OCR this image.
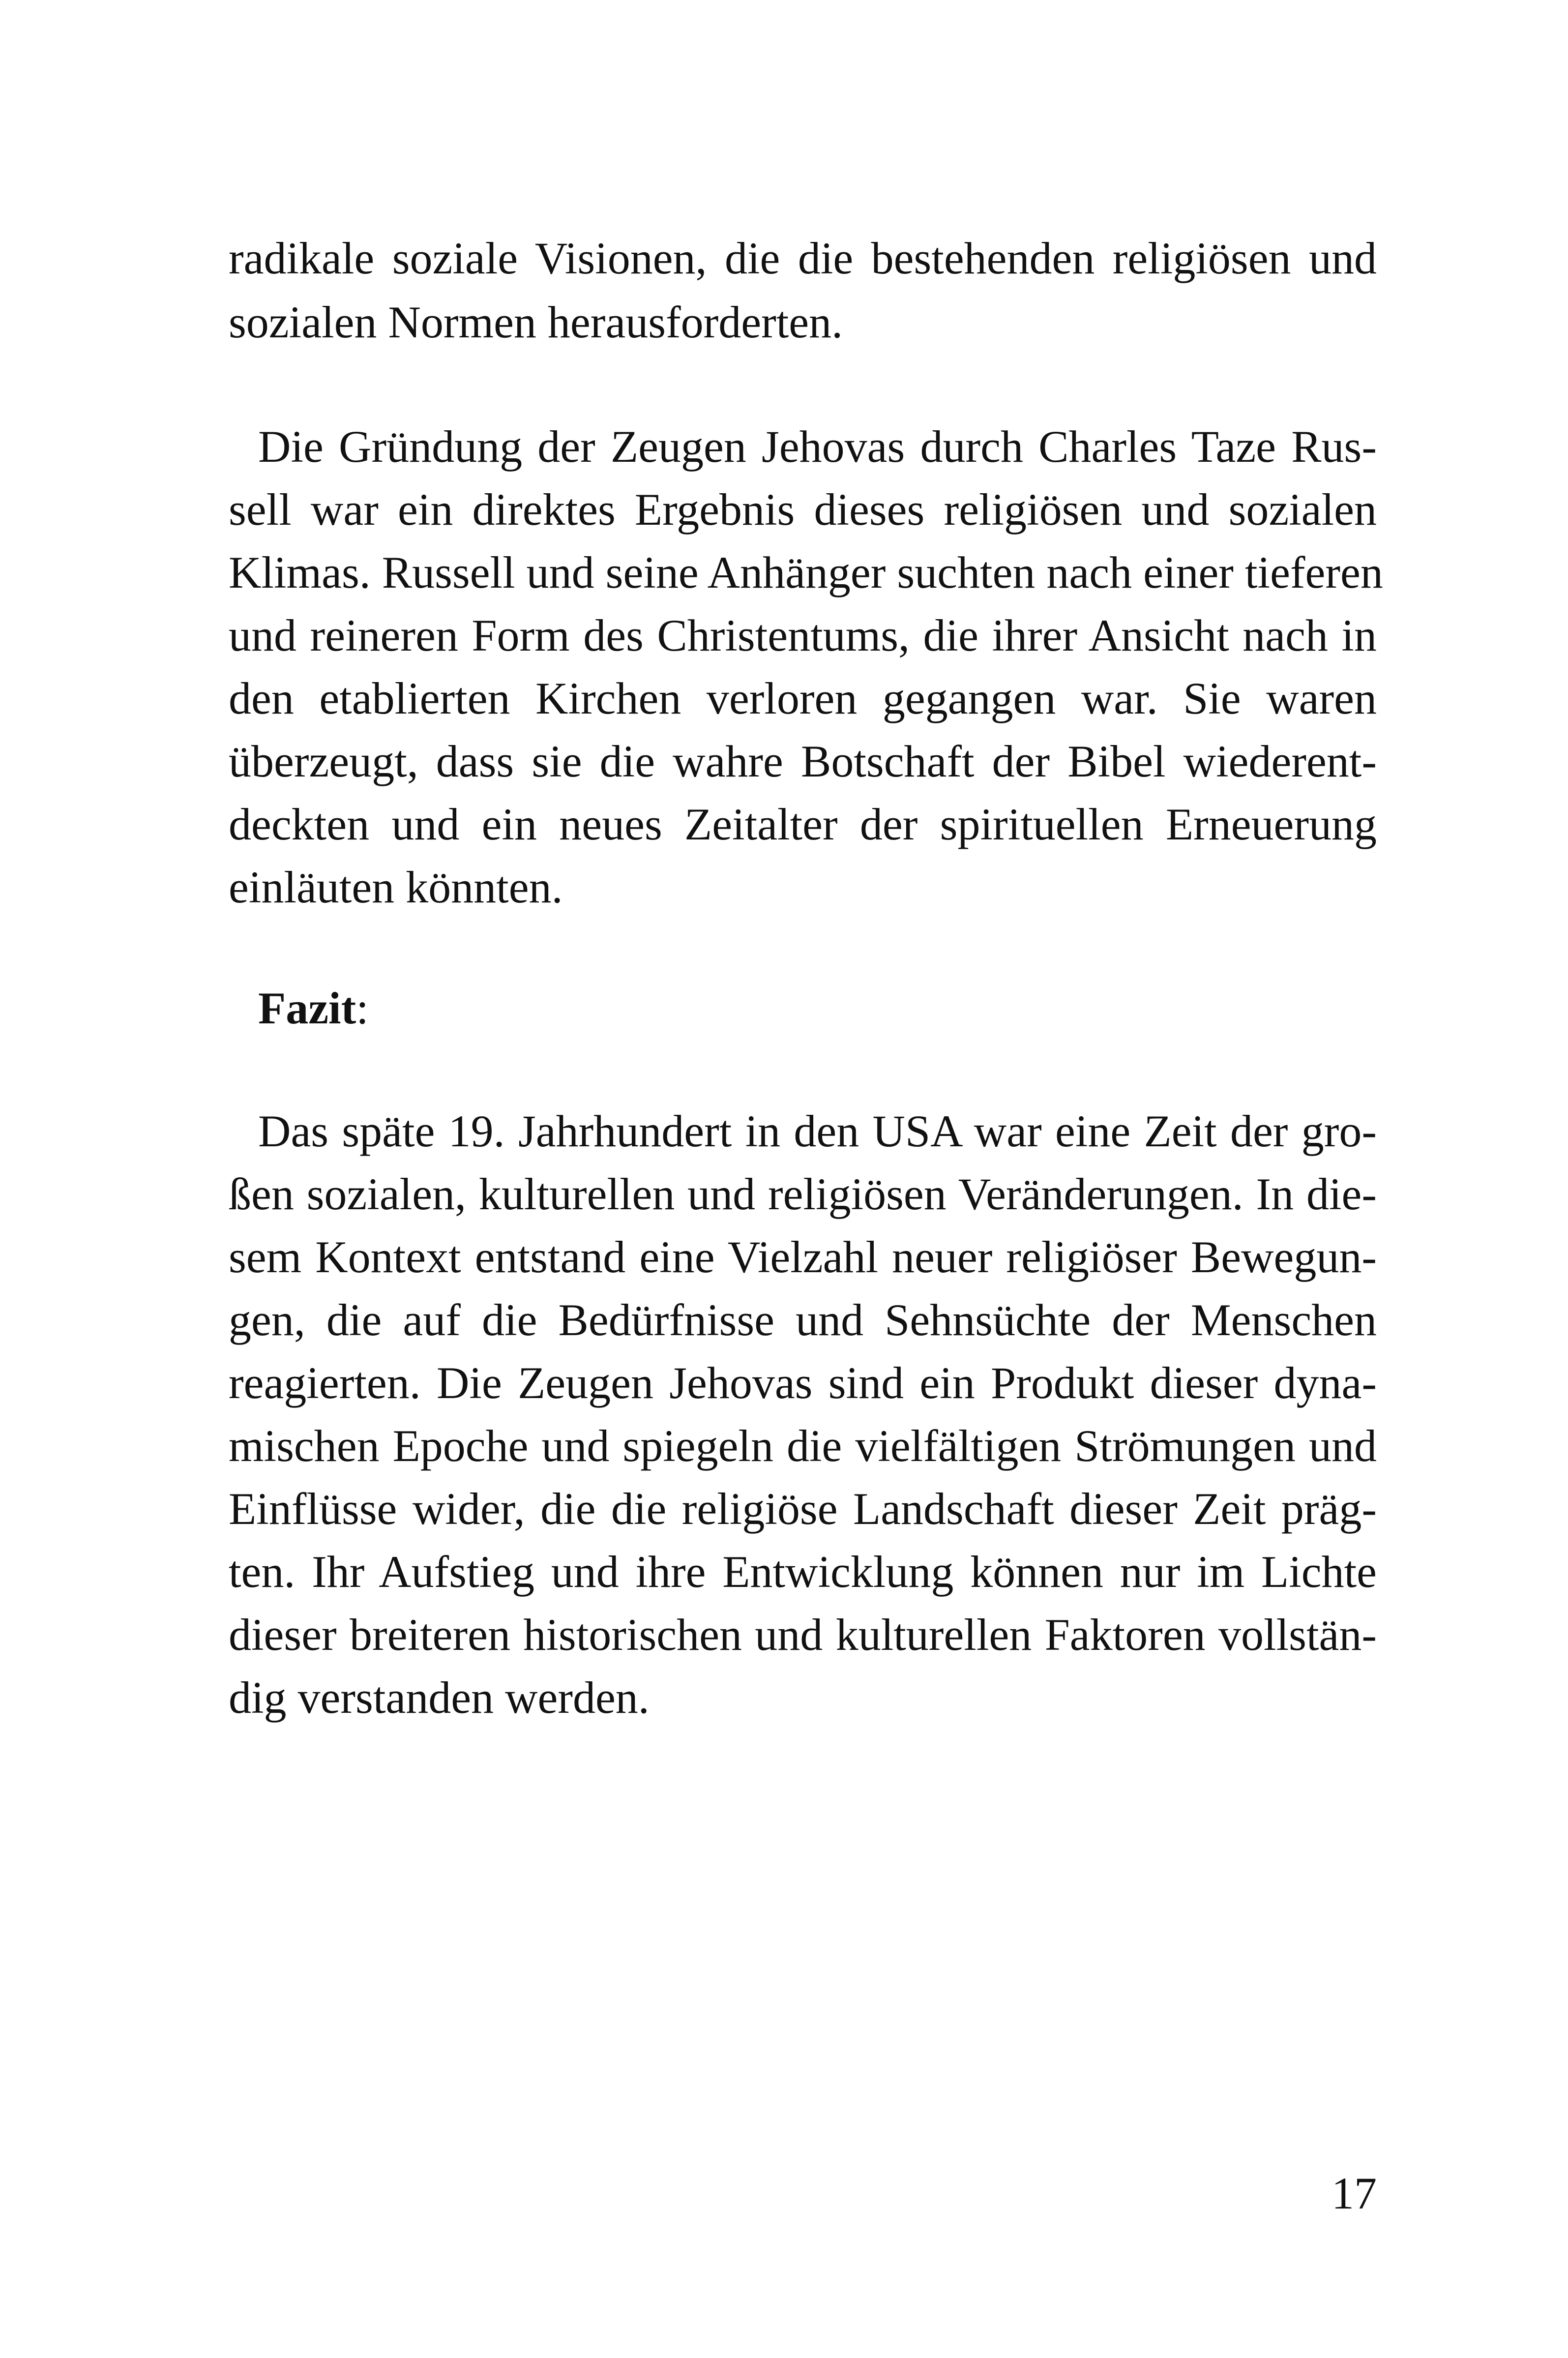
radikale soziale Visionen, die die bestehenden religiösen und
sozialen Normen herausforderten.
Die Gründung der Zeugen Jehovas durch Charles Taze Rus-
sell war ein direktes Ergebnis dieses religiösen und sozialen
Klimas. Russell und seine Anhänger suchten nach einer tieferen
und reineren Form des Christentums, die ihrer Ansicht nach in
den etablierten Kirchen verloren gegangen war. Sie waren
überzeugt, dass sie die wahre Botschaft der Bibel wiederent-
deckten und ein neues Zeitalter der spirituellen Erneuerung
einläuten könnten.
Fazit:
Das späte 19. Jahrhundert in den USA war eine Zeit der gro-
ßen sozialen, kulturellen und religiösen Veränderungen. In die-
sem Kontext entstand eine Vielzahl neuer religiöser Bewegun-
gen, die auf die Bedürfnisse und Sehnsüchte der Menschen
reagierten. Die Zeugen Jehovas sind ein Produkt dieser dyna-
mischen Epoche und spiegeln die vielfältigen Strömungen und
Einflüsse wider, die die religiöse Landschaft dieser Zeit präg-
ten. Ihr Aufstieg und ihre Entwicklung können nur im Lichte
dieser breiteren historischen und kulturellen Faktoren vollstän-
dig verstanden werden.
17
